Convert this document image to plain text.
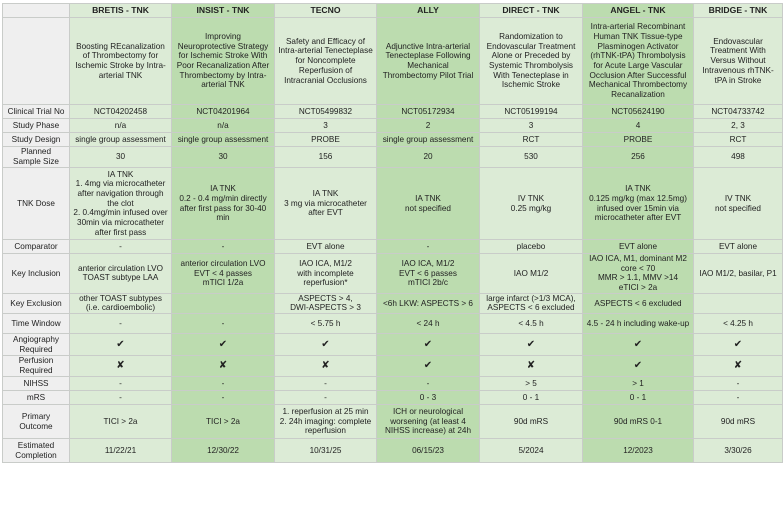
	BRETIS - TNK	INSIST - TNK	TECNO	ALLY	DIRECT - TNK	ANGEL - TNK	BRIDGE - TNK
	Boosting REcanalization of Thrombectomy for Ischemic Stroke by Intra-arterial TNK	Improving Neuroprotective Strategy for Ischemic Stroke With Poor Recanalization After Thrombectomy by Intra-arterial TNK	Safety and Efficacy of Intra-arterial Tenecteplase for Noncomplete Reperfusion of Intracranial Occlusions	Adjunctive Intra-arterial Tenecteplase Following Mechanical Thrombectomy Pilot Trial	Randomization to Endovascular Treatment Alone or Preceded by Systemic Thrombolysis With Tenecteplase in Ischemic Stroke	Intra-arterial Recombinant Human TNK Tissue-type Plasminogen Activator (rhTNK-tPA) Thrombolysis for Acute Large Vascular Occlusion After Successful Mechanical Thrombectomy Recanalization	Endovascular Treatment With Versus Without Intravenous rhTNK-tPA in Stroke
Clinical Trial No	NCT04202458	NCT04201964	NCT05499832	NCT05172934	NCT05199194	NCT05624190	NCT04733742
Study Phase	n/a	n/a	3	2	3	4	2, 3
Study Design	single group assessment	single group assessment	PROBE	single group assessment	RCT	PROBE	RCT
Planned Sample Size	30	30	156	20	530	256	498
TNK Dose	IA TNK
1. 4mg via microcatheter after navigation through the clot
2. 0.4mg/min infused over 30min via microcatheter after first pass	IA TNK
0.2 - 0.4 mg/min directly after first pass for 30-40 min	IA TNK
3 mg via microcatheter after EVT	IA TNK
not specified	IV TNK
0.25 mg/kg	IA TNK
0.125 mg/kg (max 12.5mg) infused over 15min via microcatheter after EVT	IV TNK
not specified
Comparator	-	-	EVT alone	-	placebo	EVT alone	EVT alone
Key Inclusion	anterior circulation LVO
TOAST subtype LAA	anterior circulation LVO
EVT < 4 passes
mTICI 1/2a	IAO ICA, M1/2
with incomplete reperfusion*	IAO ICA, M1/2
EVT < 6 passes
mTICI 2b/c	IAO M1/2	IAO ICA, M1, dominant M2
core < 70
MMR > 1.1, MMV >14
eTICI > 2a	IAO M1/2, basilar, P1
Key Exclusion	other TOAST subtypes
(i.e. cardioembolic)		ASPECTS > 4,
DWI-ASPECTS > 3	<6h LKW: ASPECTS > 6	large infarct (>1/3 MCA),
ASPECTS < 6 excluded	ASPECTS < 6 excluded	
Time Window	-	-	< 5.75 h	< 24 h	< 4.5 h	4.5 - 24 h including wake-up	< 4.25 h
Angiography Required	✔	✔	✔	✔	✔	✔	✔
Perfusion Required	✘	✘	✘	✔	✘	✔	✘
NIHSS	-	-	-	-	> 5	> 1	-
mRS	-	-	-	0 - 3	0 - 1	0 - 1	-
Primary Outcome	TICI > 2a	TICI > 2a	1. reperfusion at 25 min
2. 24h imaging: complete reperfusion	ICH or neurological worsening (at least 4 NIHSS increase) at 24h	90d mRS	90d mRS 0-1	90d mRS
Estimated Completion	11/22/21	12/30/22	10/31/25	06/15/23	5/2024	12/2023	3/30/26
